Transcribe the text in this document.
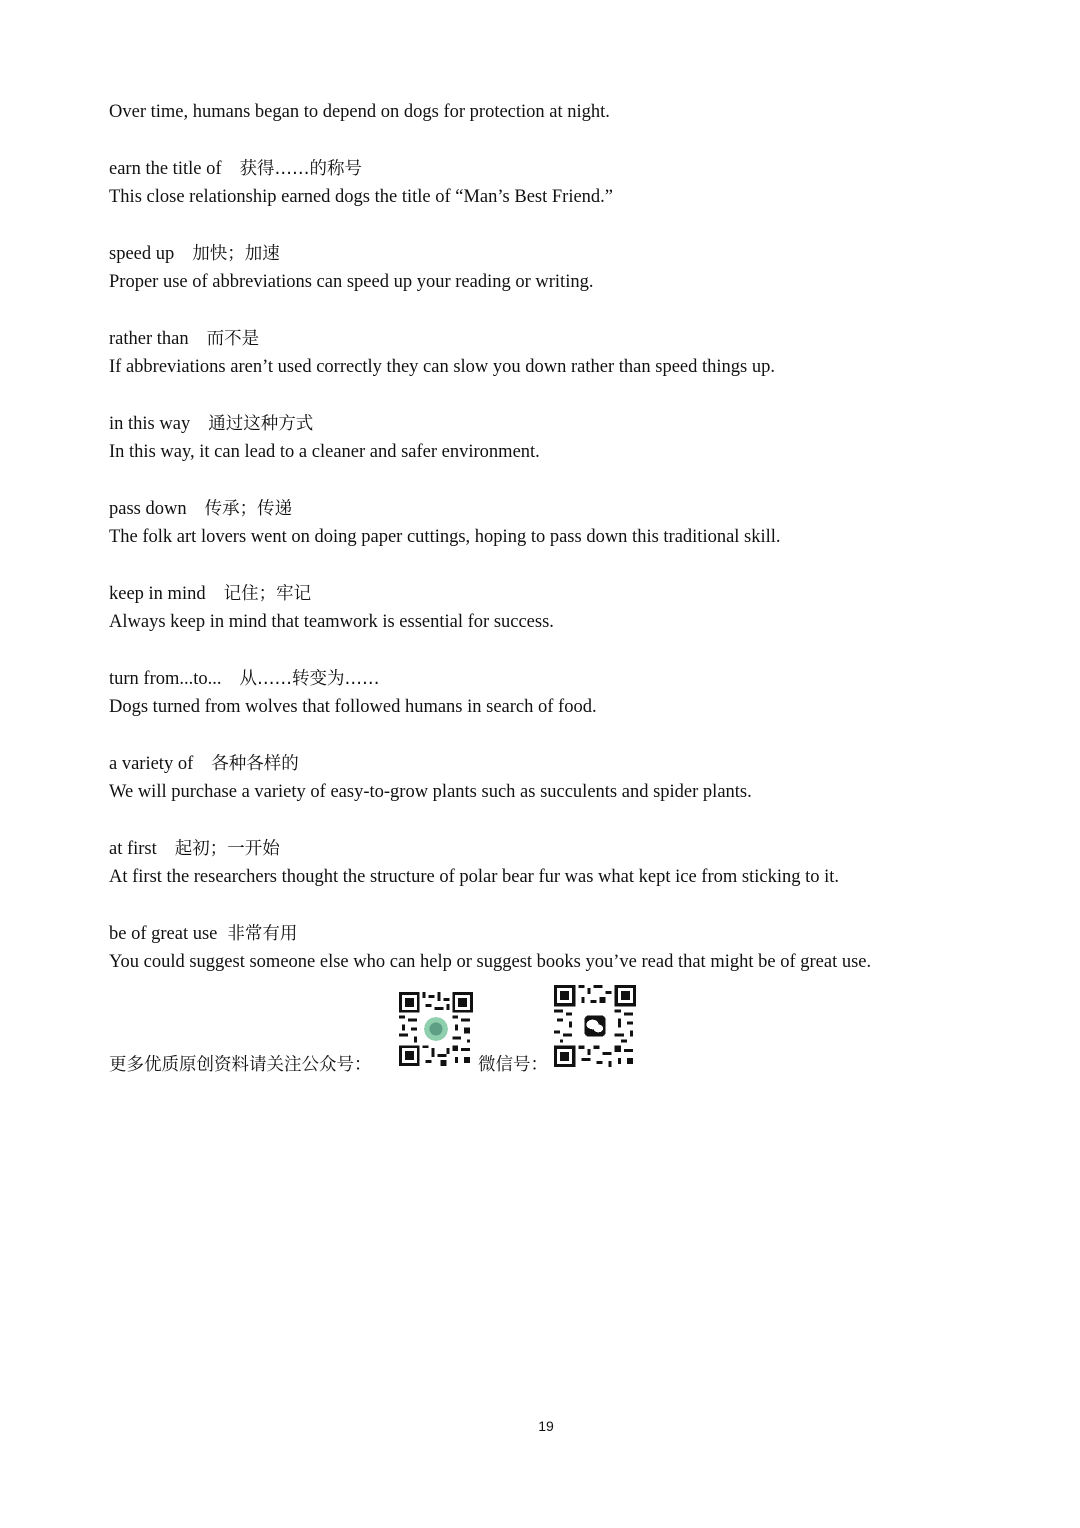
Over time, humans began to depend on dogs for protection at night.
earn the title of 获得……的称号
This close relationship earned dogs the title of “Man’s Best Friend.”
speed up 加快；加速
Proper use of abbreviations can speed up your reading or writing.
rather than 而不是
If abbreviations aren’t used correctly they can slow you down rather than speed things up.
in this way 通过这种方式
In this way, it can lead to a cleaner and safer environment.
pass down 传承；传递
The folk art lovers went on doing paper cuttings, hoping to pass down this traditional skill.
keep in mind 记住；牢记
Always keep in mind that teamwork is essential for success.
turn from...to... 从……转变为……
Dogs turned from wolves that followed humans in search of food.
a variety of 各种各样的
We will purchase a variety of easy-to-grow plants such as succulents and spider plants.
at first 起初；一开始
At first the researchers thought the structure of polar bear fur was what kept ice from sticking to it.
be of great use 非常有用
You could suggest someone else who can help or suggest books you’ve read that might be of great use.
更多优质原创资料请关注公众号：	微信号：
19
